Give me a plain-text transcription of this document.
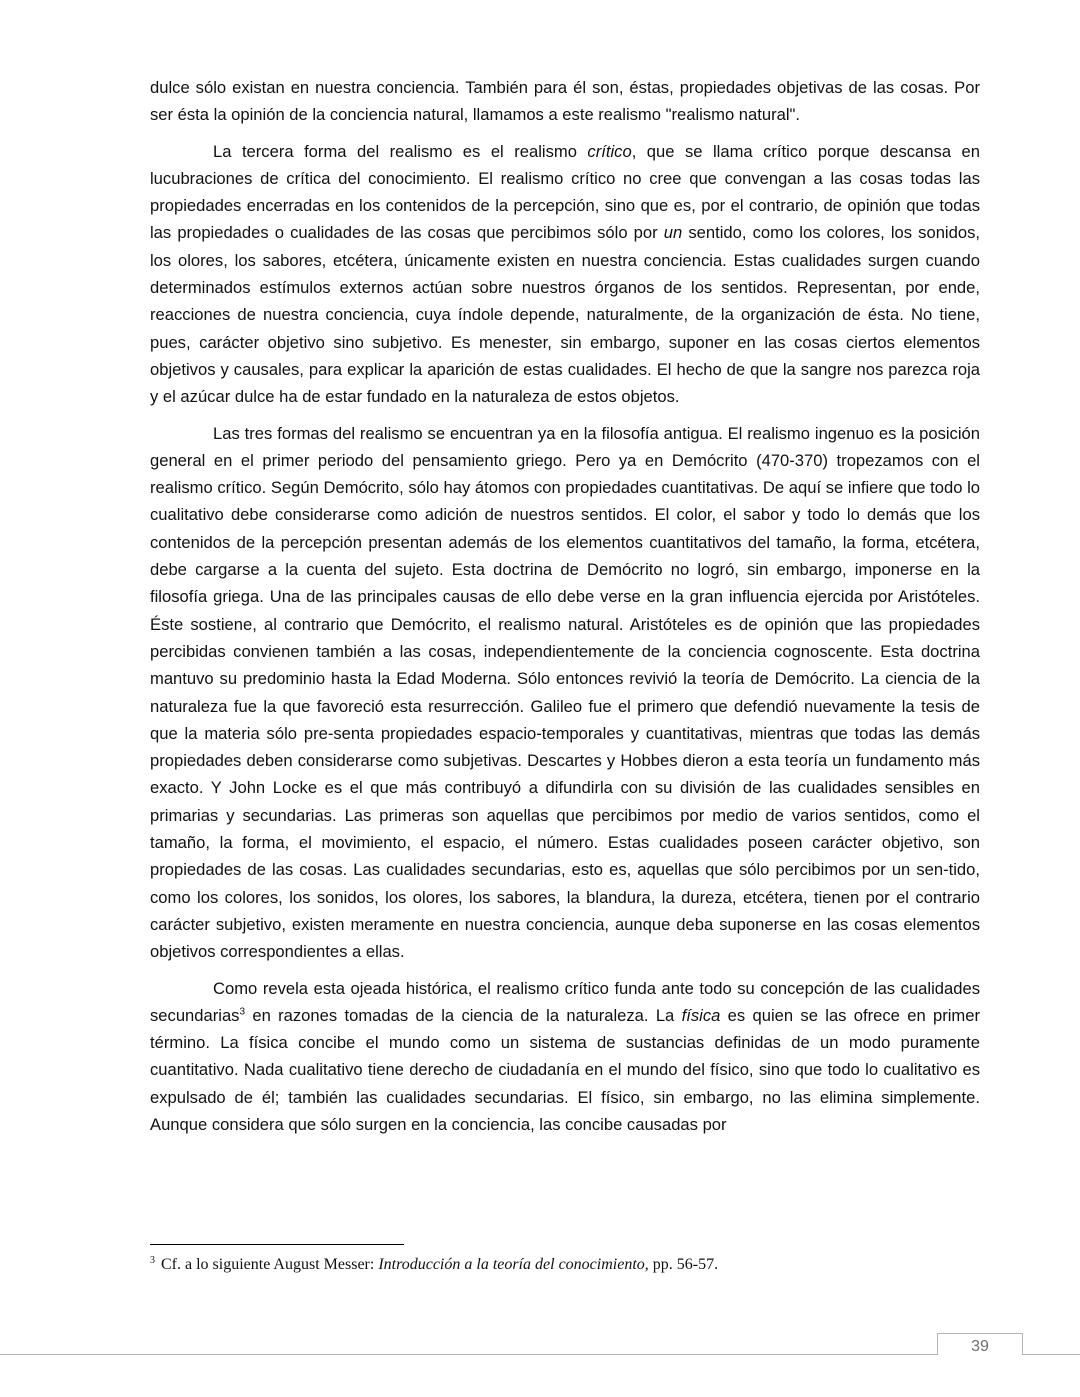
dulce sólo existan en nuestra conciencia. También para él son, éstas, propiedades objetivas de las cosas. Por ser ésta la opinión de la conciencia natural, llamamos a este realismo "realismo natural".

La tercera forma del realismo es el realismo crítico, que se llama crítico porque descansa en lucubraciones de crítica del conocimiento. El realismo crítico no cree que convengan a las cosas todas las propiedades encerradas en los contenidos de la percepción, sino que es, por el contrario, de opinión que todas las propiedades o cualidades de las cosas que percibimos sólo por un sentido, como los colores, los sonidos, los olores, los sabores, etcétera, únicamente existen en nuestra conciencia. Estas cualidades surgen cuando determinados estímulos externos actúan sobre nuestros órganos de los sentidos. Representan, por ende, reacciones de nuestra conciencia, cuya índole depende, naturalmente, de la organización de ésta. No tiene, pues, carácter objetivo sino subjetivo. Es menester, sin embargo, suponer en las cosas ciertos elementos objetivos y causales, para explicar la aparición de estas cualidades. El hecho de que la sangre nos parezca roja y el azúcar dulce ha de estar fundado en la naturaleza de estos objetos.

Las tres formas del realismo se encuentran ya en la filosofía antigua. El realismo ingenuo es la posición general en el primer periodo del pensamiento griego. Pero ya en Demócrito (470-370) tropezamos con el realismo crítico. Según Demócrito, sólo hay átomos con propiedades cuantitativas. De aquí se infiere que todo lo cualitativo debe considerarse como adición de nuestros sentidos. El color, el sabor y todo lo demás que los contenidos de la percepción presentan además de los elementos cuantitativos del tamaño, la forma, etcétera, debe cargarse a la cuenta del sujeto. Esta doctrina de Demócrito no logró, sin embargo, imponerse en la filosofía griega. Una de las principales causas de ello debe verse en la gran influencia ejercida por Aristóteles. Éste sostiene, al contrario que Demócrito, el realismo natural. Aristóteles es de opinión que las propiedades percibidas convienen también a las cosas, independientemente de la conciencia cognoscente. Esta doctrina mantuvo su predominio hasta la Edad Moderna. Sólo entonces revivió la teoría de Demócrito. La ciencia de la naturaleza fue la que favoreció esta resurrección. Galileo fue el primero que defendió nuevamente la tesis de que la materia sólo pre-senta propiedades espacio-temporales y cuantitativas, mientras que todas las demás propiedades deben considerarse como subjetivas. Descartes y Hobbes dieron a esta teoría un fundamento más exacto. Y John Locke es el que más contribuyó a difundirla con su división de las cualidades sensibles en primarias y secundarias. Las primeras son aquellas que percibimos por medio de varios sentidos, como el tamaño, la forma, el movimiento, el espacio, el número. Estas cualidades poseen carácter objetivo, son propiedades de las cosas. Las cualidades secundarias, esto es, aquellas que sólo percibimos por un sen-tido, como los colores, los sonidos, los olores, los sabores, la blandura, la dureza, etcétera, tienen por el contrario carácter subjetivo, existen meramente en nuestra conciencia, aunque deba suponerse en las cosas elementos objetivos correspondientes a ellas.

Como revela esta ojeada histórica, el realismo crítico funda ante todo su concepción de las cualidades secundarias$^3$ en razones tomadas de la ciencia de la naturaleza. La física es quien se las ofrece en primer término. La física concibe el mundo como un sistema de sustancias definidas de un modo puramente cuantitativo. Nada cualitativo tiene derecho de ciudadanía en el mundo del físico, sino que todo lo cualitativo es expulsado de él; también las cualidades secundarias. El físico, sin embargo, no las elimina simplemente. Aunque considera que sólo surgen en la conciencia, las concibe causadas por

$^3$ Cf. a lo siguiente August Messer: Introducción a la teoría del conocimiento, pp. 56-57.
39
